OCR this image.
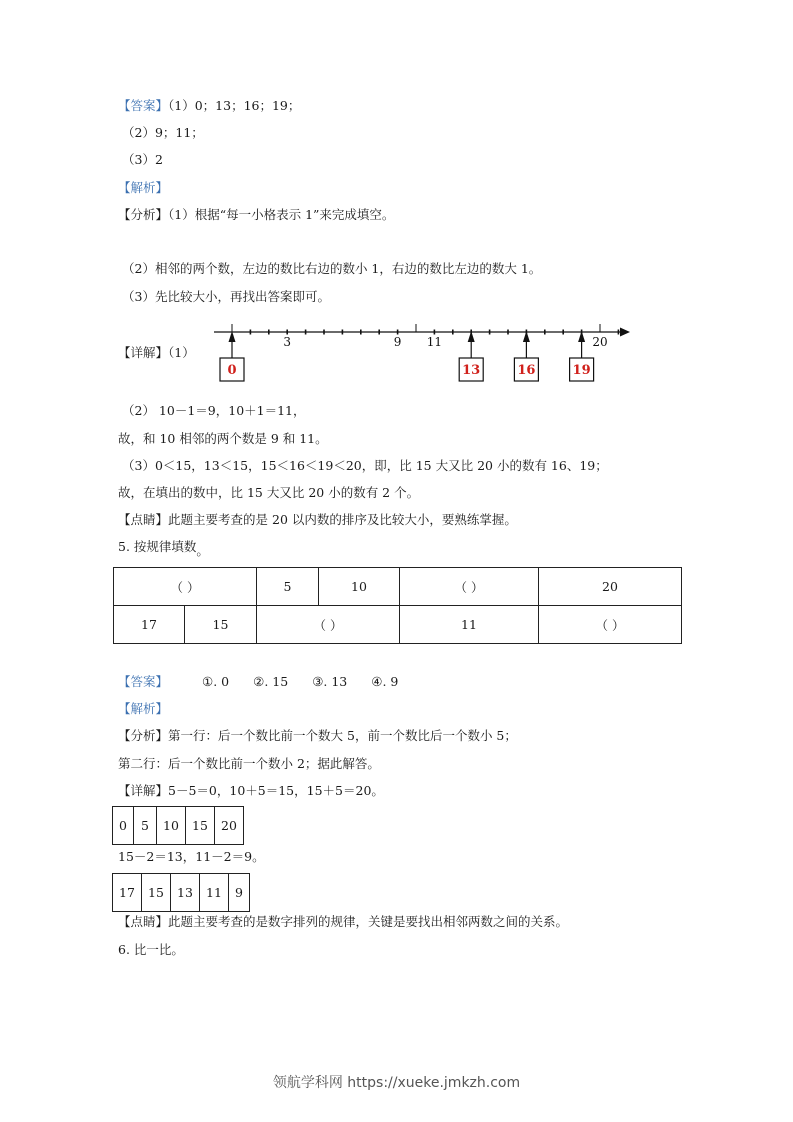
【答案】（1）0；13；16；19；
（2）9；11；
（3）2
【解析】
【分析】（1）根据“每一小格表示 1”来完成填空。
（2）相邻的两个数，左边的数比右边的数小 1，右边的数比左边的数大 1。
（3）先比较大小，再找出答案即可。
【详解】（1）
3	9 11	20
0	13	16	19
（2） 10－1＝9，10＋1＝11，
故，和 10 相邻的两个数是 9 和 11。
（3）0＜15，13＜15，15＜16＜19＜20，即，比 15 大又比 20 小的数有 16、19；
故，在填出的数中，比 15 大又比 20 小的数有 2 个。
【点睛】此题主要考查的是 20 以内数的排序及比较大小，要熟练掌握。
5. 按规律填数。
（ ）		5	10	（ ）	20
17	15	（ ）		11	（ ）
【答案】	①. 0 ②. 15 ③. 13 ④. 9
【解析】
【分析】第一行：后一个数比前一个数大 5，前一个数比后一个数小 5；
第二行：后一个数比前一个数小 2；据此解答。
【详解】5－5＝0，10＋5＝15，15＋5＝20。
0	5	10	15	20
15－2＝13，11－2＝9。
17	15	13	11	9
【点睛】此题主要考查的是数字排列的规律，关键是要找出相邻两数之间的关系。
6. 比一比。
领航学科网 https://xueke.jmkzh.com
